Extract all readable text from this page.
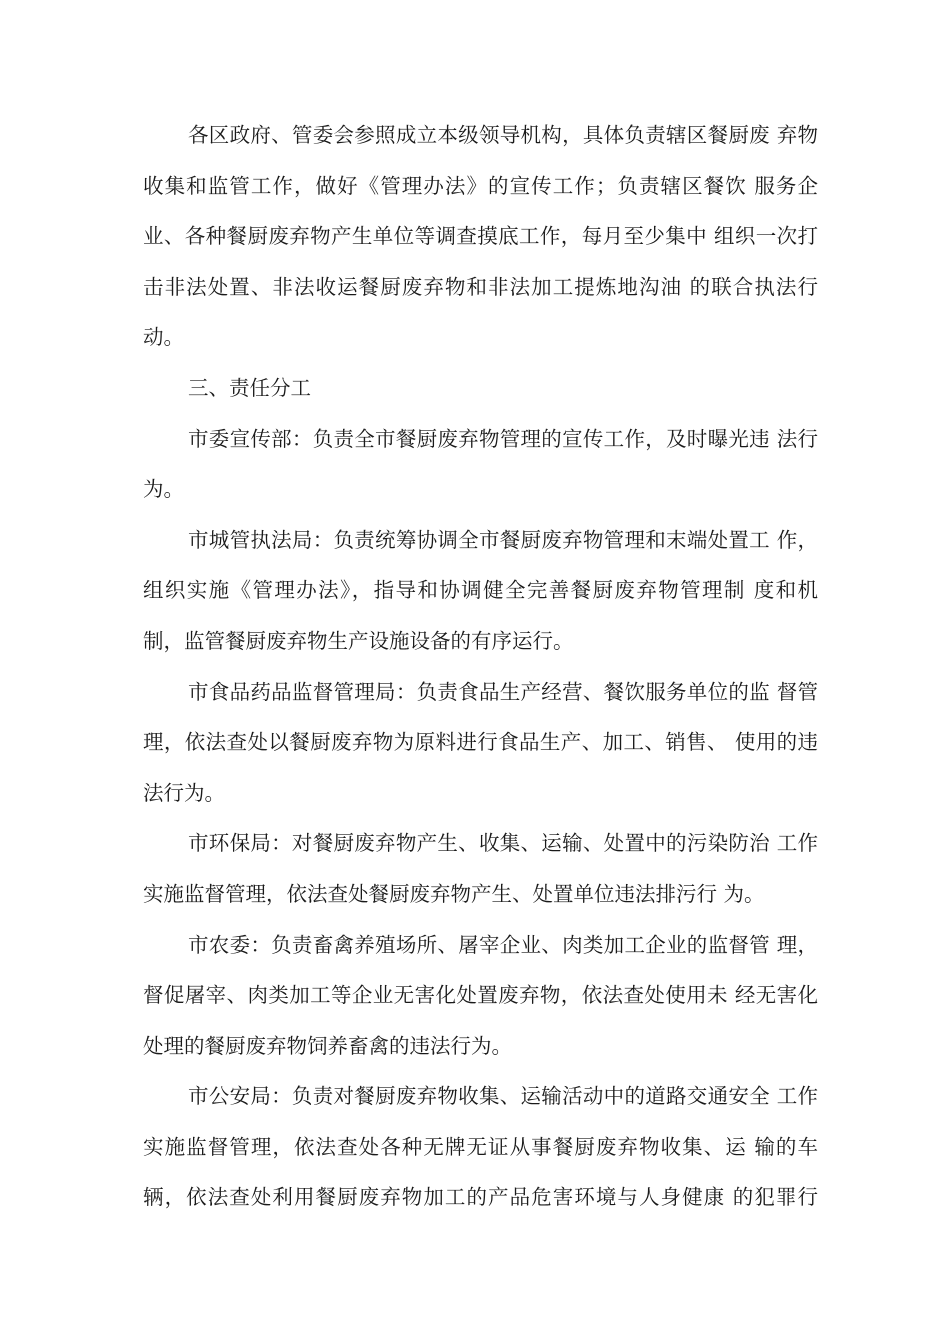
各区政府、管委会参照成立本级领导机构，具体负责辖区餐厨废 弃物
收集和监管工作，做好《管理办法》的宣传工作；负责辖区餐饮 服务企
业、各种餐厨废弃物产生单位等调查摸底工作，每月至少集中 组织一次打
击非法处置、非法收运餐厨废弃物和非法加工提炼地沟油 的联合执法行
动。
三、责任分工
市委宣传部：负责全市餐厨废弃物管理的宣传工作，及时曝光违 法行
为。
市城管执法局：负责统筹协调全市餐厨废弃物管理和末端处置工 作，
组织实施《管理办法》，指导和协调健全完善餐厨废弃物管理制 度和机
制，监管餐厨废弃物生产设施设备的有序运行。
市食品药品监督管理局：负责食品生产经营、餐饮服务单位的监 督管
理，依法查处以餐厨废弃物为原料进行食品生产、加工、销售、 使用的违
法行为。
市环保局：对餐厨废弃物产生、收集、运输、处置中的污染防治 工作
实施监督管理，依法查处餐厨废弃物产生、处置单位违法排污行 为。
市农委：负责畜禽养殖场所、屠宰企业、肉类加工企业的监督管 理，
督促屠宰、肉类加工等企业无害化处置废弃物，依法查处使用未 经无害化
处理的餐厨废弃物饲养畜禽的违法行为。
市公安局：负责对餐厨废弃物收集、运输活动中的道路交通安全 工作
实施监督管理，依法查处各种无牌无证从事餐厨废弃物收集、运 输的车
辆，依法查处利用餐厨废弃物加工的产品危害环境与人身健康 的犯罪行
